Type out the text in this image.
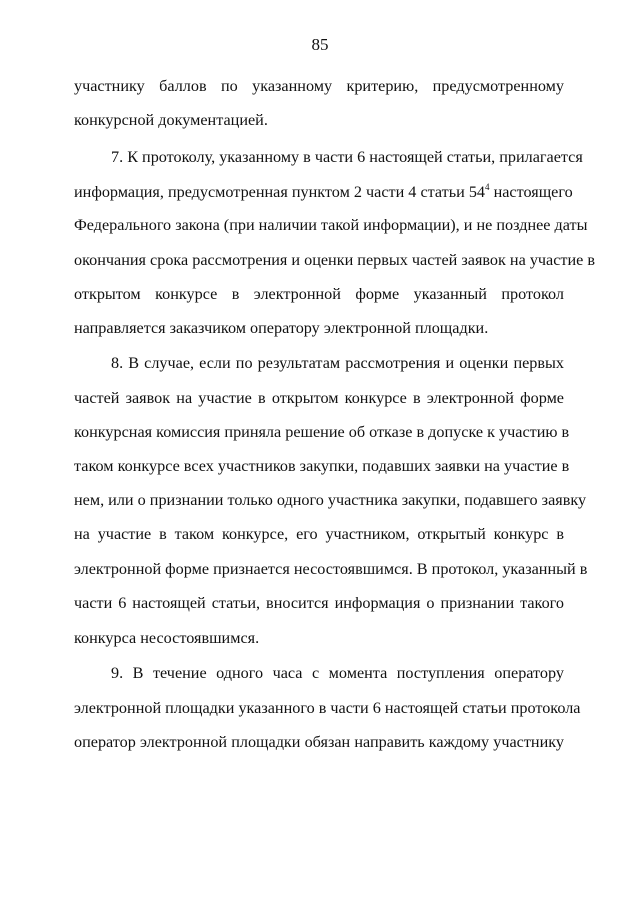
85
участнику баллов по указанному критерию, предусмотренному
конкурсной документацией.
7. К протоколу, указанному в части 6 настоящей статьи, прилагается
информация, предусмотренная пунктом 2 части 4 статьи $54^4$ настоящего
Федерального закона (при наличии такой информации), и не позднее даты
окончания срока рассмотрения и оценки первых частей заявок на участие в
открытом конкурсе в электронной форме указанный протокол
направляется заказчиком оператору электронной площадки.
8. В случае, если по результатам рассмотрения и оценки первых
частей заявок на участие в открытом конкурсе в электронной форме
конкурсная комиссия приняла решение об отказе в допуске к участию в
таком конкурсе всех участников закупки, подавших заявки на участие в
нем, или о признании только одного участника закупки, подавшего заявку
на участие в таком конкурсе, его участником, открытый конкурс в
электронной форме признается несостоявшимся. В протокол, указанный в
части 6 настоящей статьи, вносится информация о признании такого
конкурса несостоявшимся.
9. В течение одного часа с момента поступления оператору
электронной площадки указанного в части 6 настоящей статьи протокола
оператор электронной площадки обязан направить каждому участнику
